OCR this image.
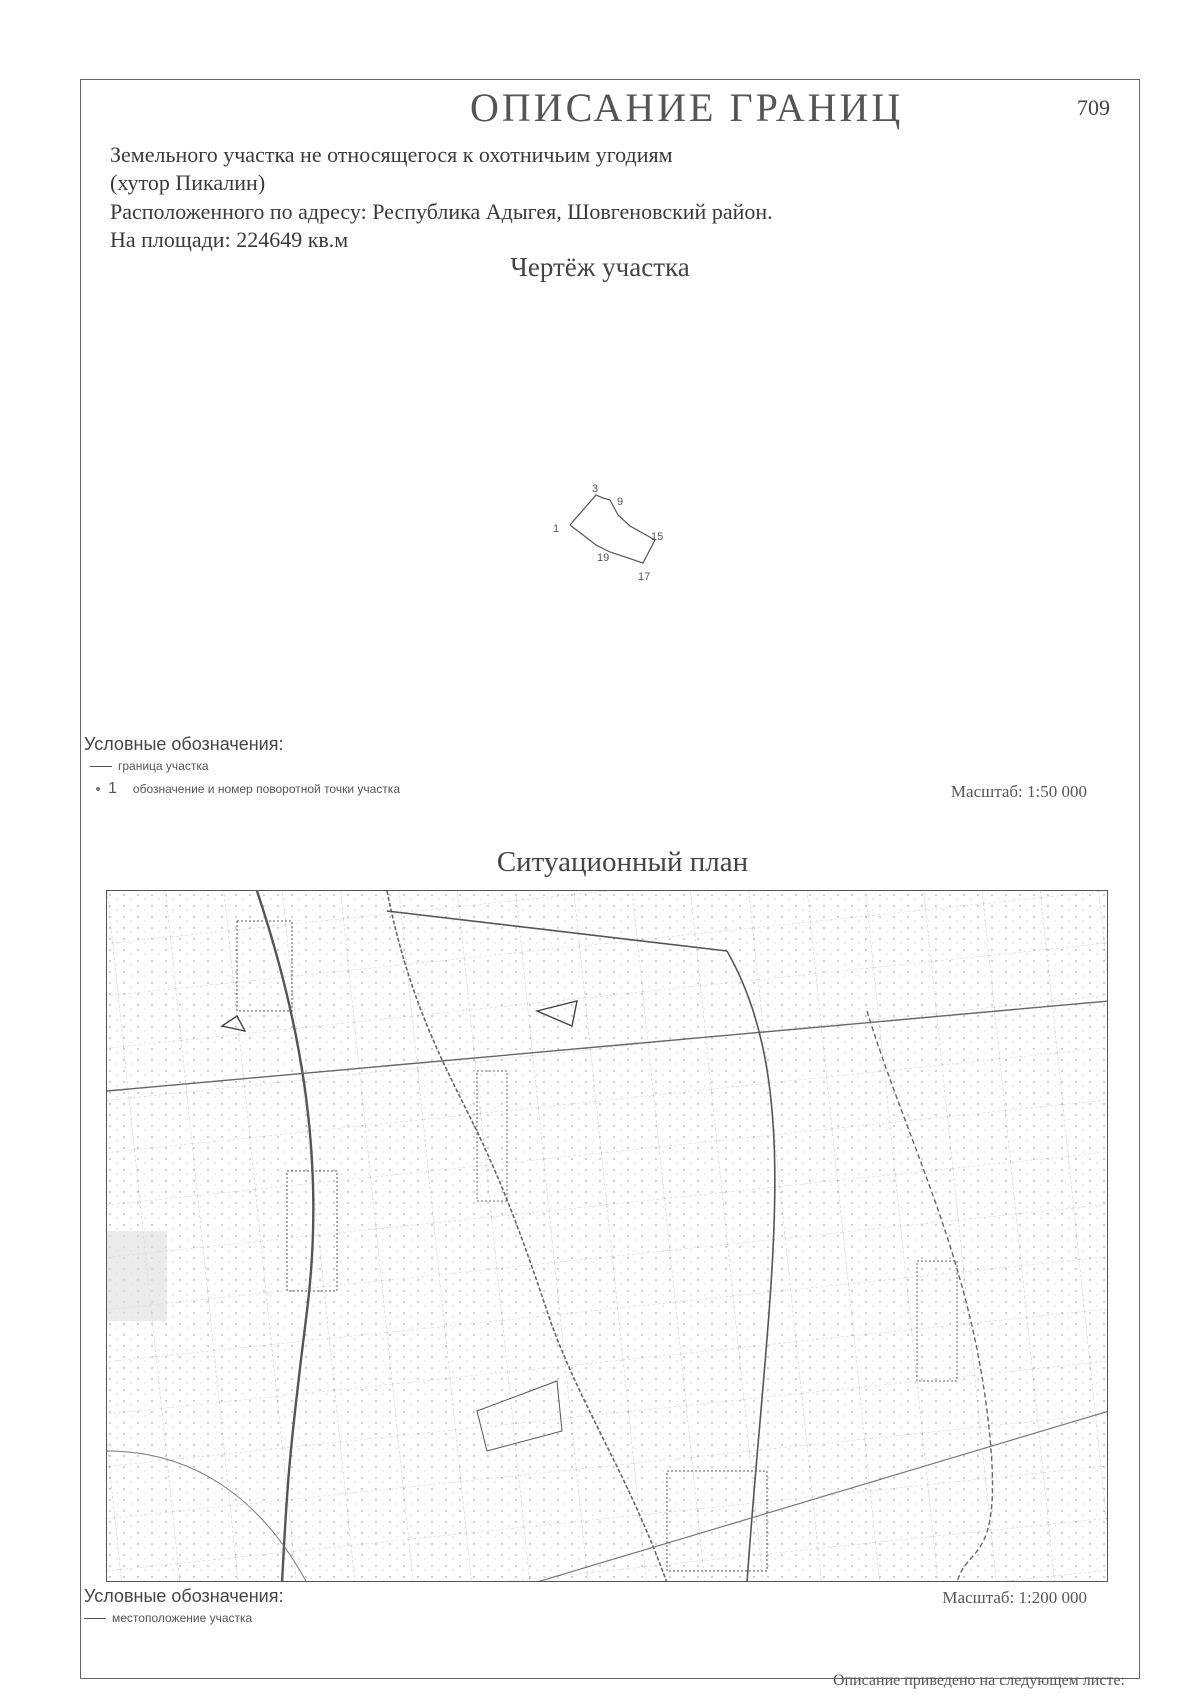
ОПИСАНИЕ ГРАНИЦ	709
Земельного участка не относящегося к охотничьим угодиям
(хутор Пикалин)
Расположенного по адресу: Республика Адыгея, Шовгеновский район.
На площади: 224649 кв.м
Чертёж участка
1
3
9
15
17
19
Условные обозначения:
граница участка
1 обозначение и номер поворотной точки участка	Масштаб: 1:50 000
Ситуационный план
Условные обозначения:
местоположение участка
Масштаб: 1:200 000
Описание приведено на следующем листе:
